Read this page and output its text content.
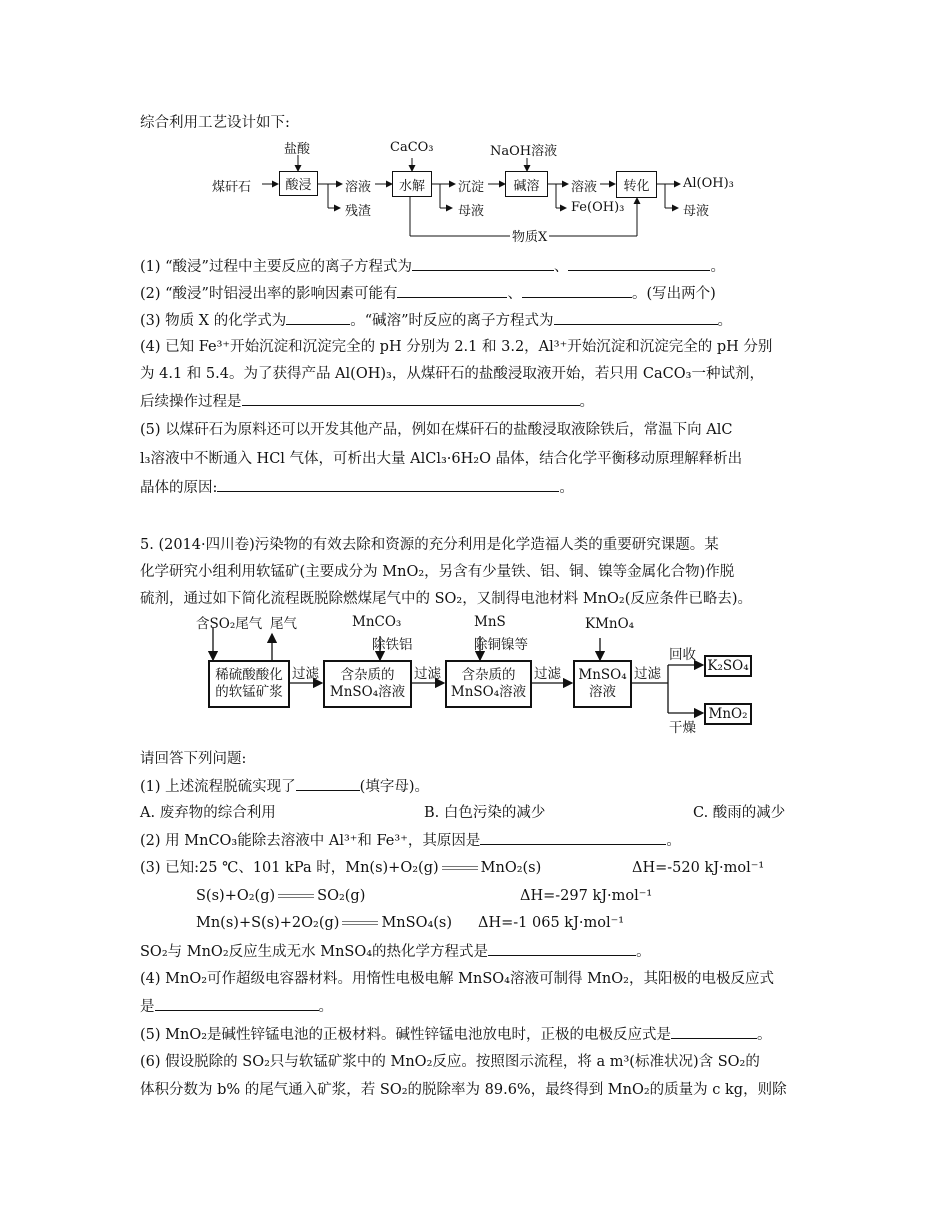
综合利用工艺设计如下:
煤矸石	酸浸
盐酸
溶液
残渣
水解
CaCO₃
沉淀
母液
碱溶
NaOH溶液
溶液
Fe(OH)₃
转化	Al(OH)₃
母液
物质X
(1) “酸浸”过程中主要反应的离子方程式为	、	。
(2) “酸浸”时铝浸出率的影响因素可能有	、	。(写出两个)
(3) 物质 X 的化学式为	。“碱溶”时反应的离子方程式为	。
(4) 已知 Fe³⁺开始沉淀和沉淀完全的 pH 分别为 2.1 和 3.2，Al³⁺开始沉淀和沉淀完全的 pH 分别
为 4.1 和 5.4。为了获得产品 Al(OH)₃，从煤矸石的盐酸浸取液开始，若只用 CaCO₃一种试剂，
后续操作过程是	。
(5) 以煤矸石为原料还可以开发其他产品，例如在煤矸石的盐酸浸取液除铁后，常温下向 AlC
l₃溶液中不断通入 HCl 气体，可析出大量 AlCl₃·6H₂O 晶体，结合化学平衡移动原理解释析出
晶体的原因:	。
5. (2014·四川卷)污染物的有效去除和资源的充分利用是化学造福人类的重要研究课题。某
化学研究小组利用软锰矿(主要成分为 MnO₂，另含有少量铁、铝、铜、镍等金属化合物)作脱
硫剂，通过如下简化流程既脱除燃煤尾气中的 SO₂，又制得电池材料 MnO₂(反应条件已略去)。
含SO₂尾气 尾气
稀硫酸酸化
的软锰矿浆
过滤
MnCO₃
除铁铝
含杂质的
MnSO₄溶液
过滤
MnS
除铜镍等
含杂质的
MnSO₄溶液
过滤
KMnO₄
MnSO₄
溶液
过滤
回收
K₂SO₄
干燥
MnO₂
请回答下列问题:
(1) 上述流程脱硫实现了	(填字母)。
A. 废弃物的综合利用	B. 白色污染的减少	C. 酸雨的减少
(2) 用 MnCO₃能除去溶液中 Al³⁺和 Fe³⁺，其原因是	。
(3) 已知:25 ℃、101 kPa 时，Mn(s)+O₂(g)	MnO₂(s)	ΔH=-520 kJ·mol⁻¹
S(s)+O₂(g)	SO₂(g)	ΔH=-297 kJ·mol⁻¹
Mn(s)+S(s)+2O₂(g)	MnSO₄(s) ΔH=-1 065 kJ·mol⁻¹
SO₂与 MnO₂反应生成无水 MnSO₄的热化学方程式是	。
(4) MnO₂可作超级电容器材料。用惰性电极电解 MnSO₄溶液可制得 MnO₂，其阳极的电极反应式
是	。
(5) MnO₂是碱性锌锰电池的正极材料。碱性锌锰电池放电时，正极的电极反应式是	。
(6) 假设脱除的 SO₂只与软锰矿浆中的 MnO₂反应。按照图示流程，将 a m³(标准状况)含 SO₂的
体积分数为 b% 的尾气通入矿浆，若 SO₂的脱除率为 89.6%，最终得到 MnO₂的质量为 c kg，则除
